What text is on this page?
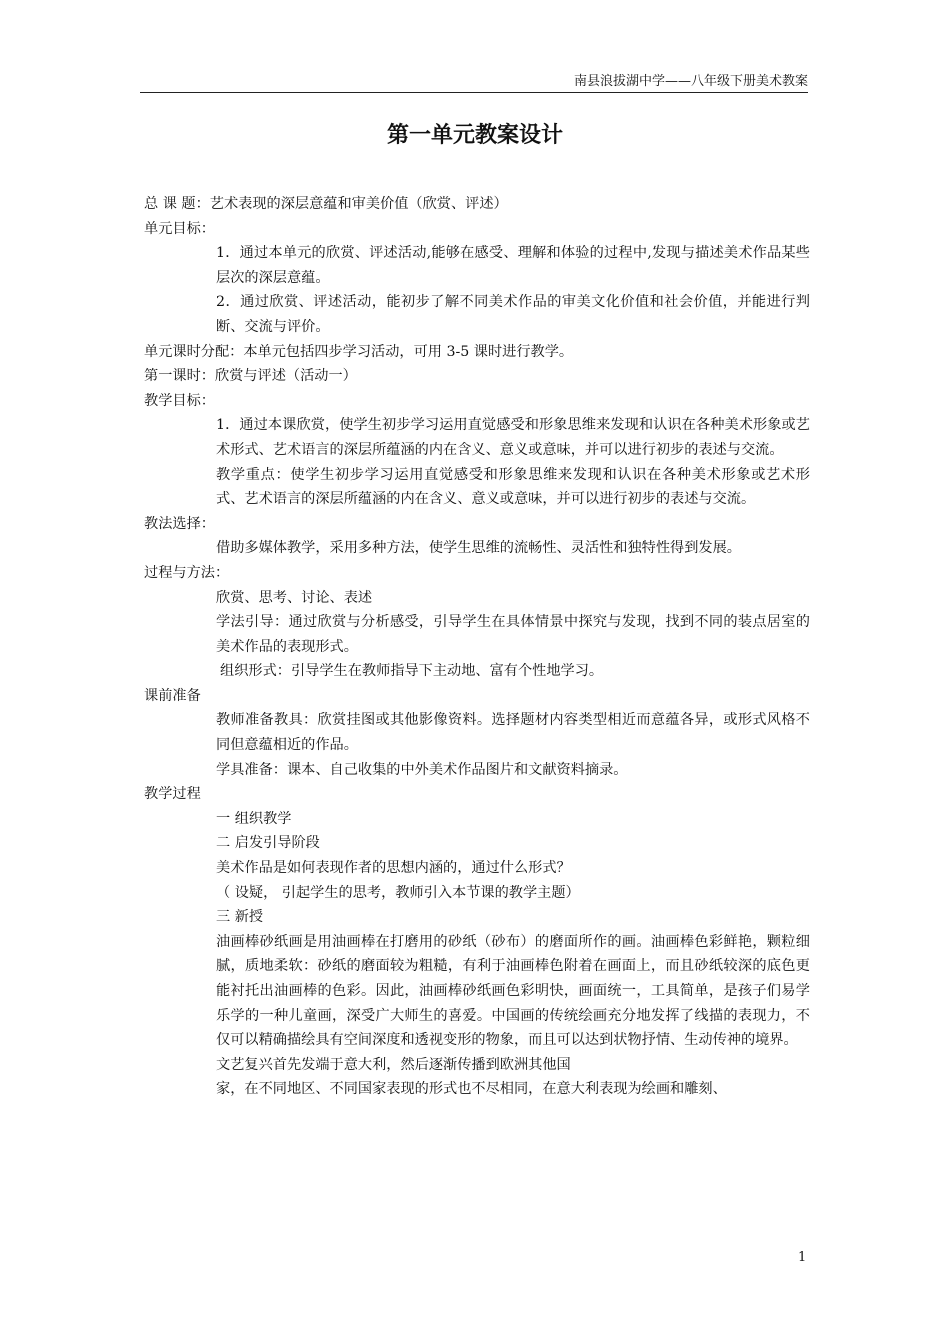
南县浪拔湖中学——八年级下册美术教案
第一单元教案设计

总 课 题：艺术表现的深层意蕴和审美价值（欣赏、评述）

单元目标：

1．通过本单元的欣赏、评述活动,能够在感受、理解和体验的过程中,发现与描述美术作品某些层次的深层意蕴。

2．通过欣赏、评述活动，能初步了解不同美术作品的审美文化价值和社会价值，并能进行判断、交流与评价。

单元课时分配：本单元包括四步学习活动，可用 3-5 课时进行教学。

第一课时：欣赏与评述（活动一）

教学目标：

1．通过本课欣赏，使学生初步学习运用直觉感受和形象思维来发现和认识在各种美术形象或艺术形式、艺术语言的深层所蕴涵的内在含义、意义或意味，并可以进行初步的表述与交流。

教学重点：使学生初步学习运用直觉感受和形象思维来发现和认识在各种美术形象或艺术形式、艺术语言的深层所蕴涵的内在含义、意义或意味，并可以进行初步的表述与交流。

教法选择：

借助多媒体教学，采用多种方法，使学生思维的流畅性、灵活性和独特性得到发展。

过程与方法：

欣赏、思考、讨论、表述

学法引导：通过欣赏与分析感受，引导学生在具体情景中探究与发现，找到不同的装点居室的美术作品的表现形式。

组织形式：引导学生在教师指导下主动地、富有个性地学习。

课前准备

教师准备教具：欣赏挂图或其他影像资料。选择题材内容类型相近而意蕴各异，或形式风格不同但意蕴相近的作品。

学具准备：课本、自己收集的中外美术作品图片和文献资料摘录。

教学过程

一 组织教学

二 启发引导阶段

美术作品是如何表现作者的思想内涵的，通过什么形式？

（ 设疑， 引起学生的思考，教师引入本节课的教学主题）

三 新授

油画棒砂纸画是用油画棒在打磨用的砂纸（砂布）的磨面所作的画。油画棒色彩鲜艳，颗粒细腻，质地柔软：砂纸的磨面较为粗糙，有利于油画棒色附着在画面上，而且砂纸较深的底色更能衬托出油画棒的色彩。因此，油画棒砂纸画色彩明快，画面统一，工具简单，是孩子们易学乐学的一种儿童画，深受广大师生的喜爱。中国画的传统绘画充分地发挥了线描的表现力，不仅可以精确描绘具有空间深度和透视变形的物象，而且可以达到状物抒情、生动传神的境界。

文艺复兴首先发端于意大利，然后逐渐传播到欧洲其他国

家，在不同地区、不同国家表现的形式也不尽相同，在意大利表现为绘画和雕刻、

1
